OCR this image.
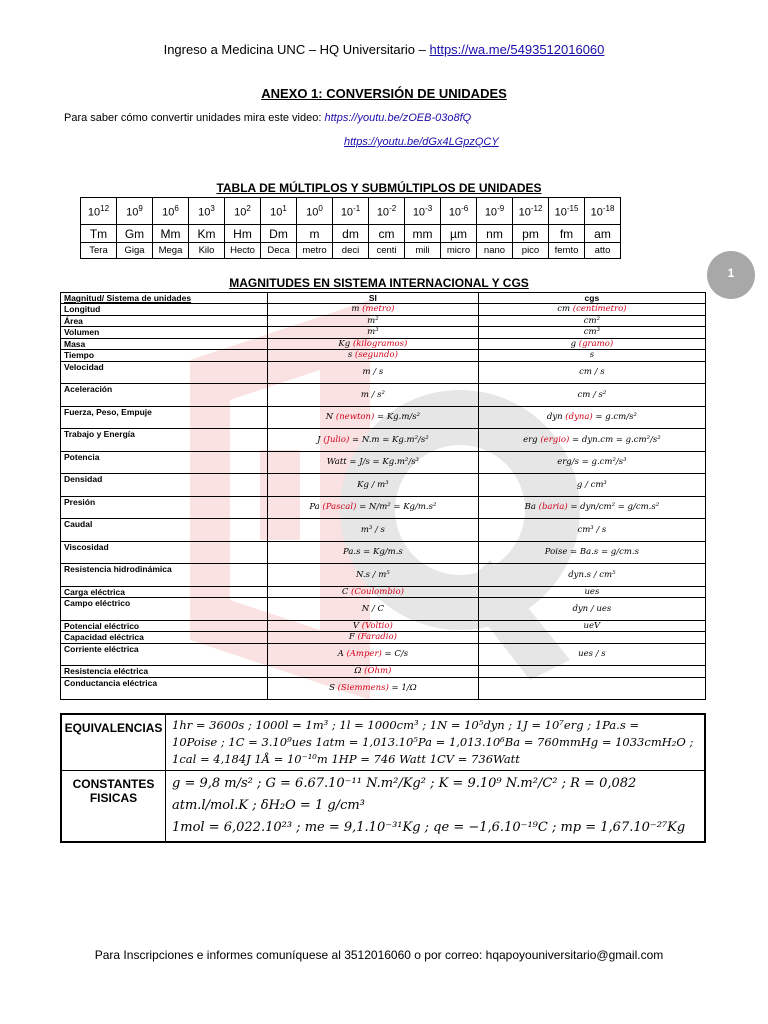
Ingreso a Medicina UNC – HQ Universitario – https://wa.me/5493512016060
ANEXO 1: CONVERSIÓN DE UNIDADES
Para saber cómo convertir unidades mira este video: https://youtu.be/zOEB-03o8fQ
https://youtu.be/dGx4LGpzQCY
TABLA DE MÚLTIPLOS Y SUBMÚLTIPLOS DE UNIDADES
$10^{12}$	$10^9$	$10^6$	$10^3$	$10^2$	$10^1$	$10^0$	$10^{-1}$	$10^{-2}$	$10^{-3}$	$10^{-6}$	$10^{-9}$	$10^{-12}$	$10^{-15}$	$10^{-18}$
Tm	Gm	Mm	Km	Hm	Dm	m	dm	cm	mm	µm	nm	pm	fm	am
Tera	Giga	Mega	Kilo	Hecto	Deca	metro	deci	centi	mili	micro	nano	pico	femto	atto
1
MAGNITUDES EN SISTEMA INTERNACIONAL Y CGS
Magnitud/ Sistema de unidades	SI	cgs
Longitud	m (metro)	cm (centímetro)
Área	m²	cm²
Volumen	m³	cm³
Masa	Kg (kilogramos)	g (gramo)
Tiempo	s (segundo)	s
Velocidad	m / s	cm / s
Aceleración	m / s²	cm / s²
Fuerza, Peso, Empuje	N (newton) = Kg.m/s²	dyn (dyna) = g.cm/s²
Trabajo y Energía	J (Julio) = N.m = Kg.m²/s²	erg (ergio) = dyn.cm = g.cm²/s²
Potencia	Watt = J/s = Kg.m²/s³	erg/s = g.cm²/s³
Densidad	Kg / m³	g / cm³
Presión	Pa (Pascal) = N/m² = Kg/m.s²	Ba (baria) = dyn/cm² = g/cm.s²
Caudal	m³ / s	cm³ / s
Viscosidad	Pa.s = Kg/m.s	Poise = Ba.s = g/cm.s
Resistencia hidrodinámica	N.s / m⁵	dyn.s / cm⁵
Carga eléctrica	C (Coulombio)	ues
Campo eléctrico	N / C	dyn / ues
Potencial eléctrico	V (Voltio)	ueV
Capacidad eléctrica	F (Faradio)	
Corriente eléctrica	A (Amper) = C/s	ues / s
Resistencia eléctrica	Ω (Ohm)	
Conductancia eléctrica	S (Siemmens) = 1/Ω	
EQUIVALENCIAS 1hr = 3600s ; 1000l = 1m³ ; 1l = 1000cm³ ; 1N = 10⁵dyn ; 1J = 10⁷erg ; 1Pa.s =
10Poise ; 1C = 3.10⁹ues 1atm = 1,013.10⁵Pa = 1,013.10⁶Ba = 760mmHg = 1033cmH₂O ;
1cal = 4,184J 1Å = 10⁻¹⁰m 1HP = 746 Watt 1CV = 736Watt
CONSTANTES FISICAS
g = 9,8 m/s² ; G = 6.67.10⁻¹¹ N.m²/Kg² ; K = 9.10⁹ N.m²/C² ; R = 0,082 atm.l/mol.K ; δH₂O = 1 g/cm³
1mol = 6,022.10²³ ; me = 9,1.10⁻³¹Kg ; qe = −1,6.10⁻¹⁹C ; mp = 1,67.10⁻²⁷Kg
Para Inscripciones e informes comuníquese al 3512016060 o por correo: hqapoyouniversitario@gmail.com
